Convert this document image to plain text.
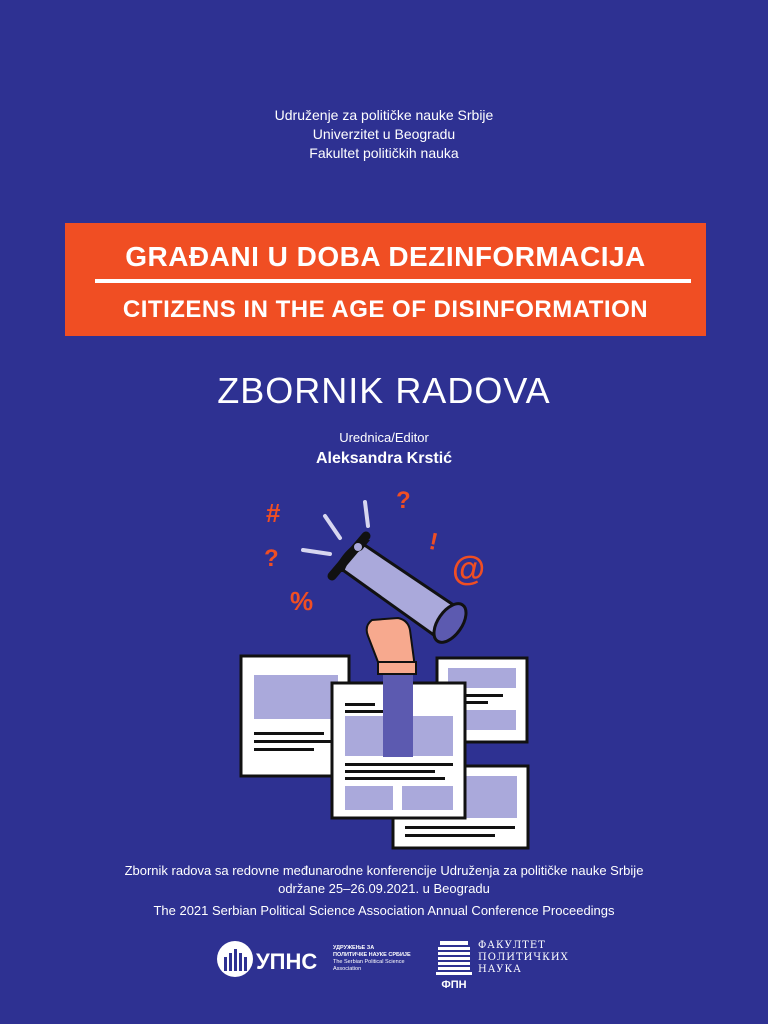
Udruženje za političke nauke Srbije
Univerzitet u Beogradu
Fakultet političkih nauka
GRAĐANI U DOBA DEZINFORMACIJA
CITIZENS IN THE AGE OF DISINFORMATION
ZBORNIK RADOVA
Urednica/Editor
Aleksandra Krstić
#	?
?
!
%
@
Zbornik radova sa redovne međunarodne konferencije Udruženja za političke nauke Srbije
održane 25–26.09.2021. u Beogradu
The 2021 Serbian Political Science Association Annual Conference Proceedings
УПНС
УДРУЖЕЊЕ ЗА
ПОЛИТИЧКЕ НАУКЕ СРБИЈЕ
The Serbian Political Science
Association
ФПН
ФАКУЛТЕТ
ПОЛИТИЧКИХ
НАУКА
